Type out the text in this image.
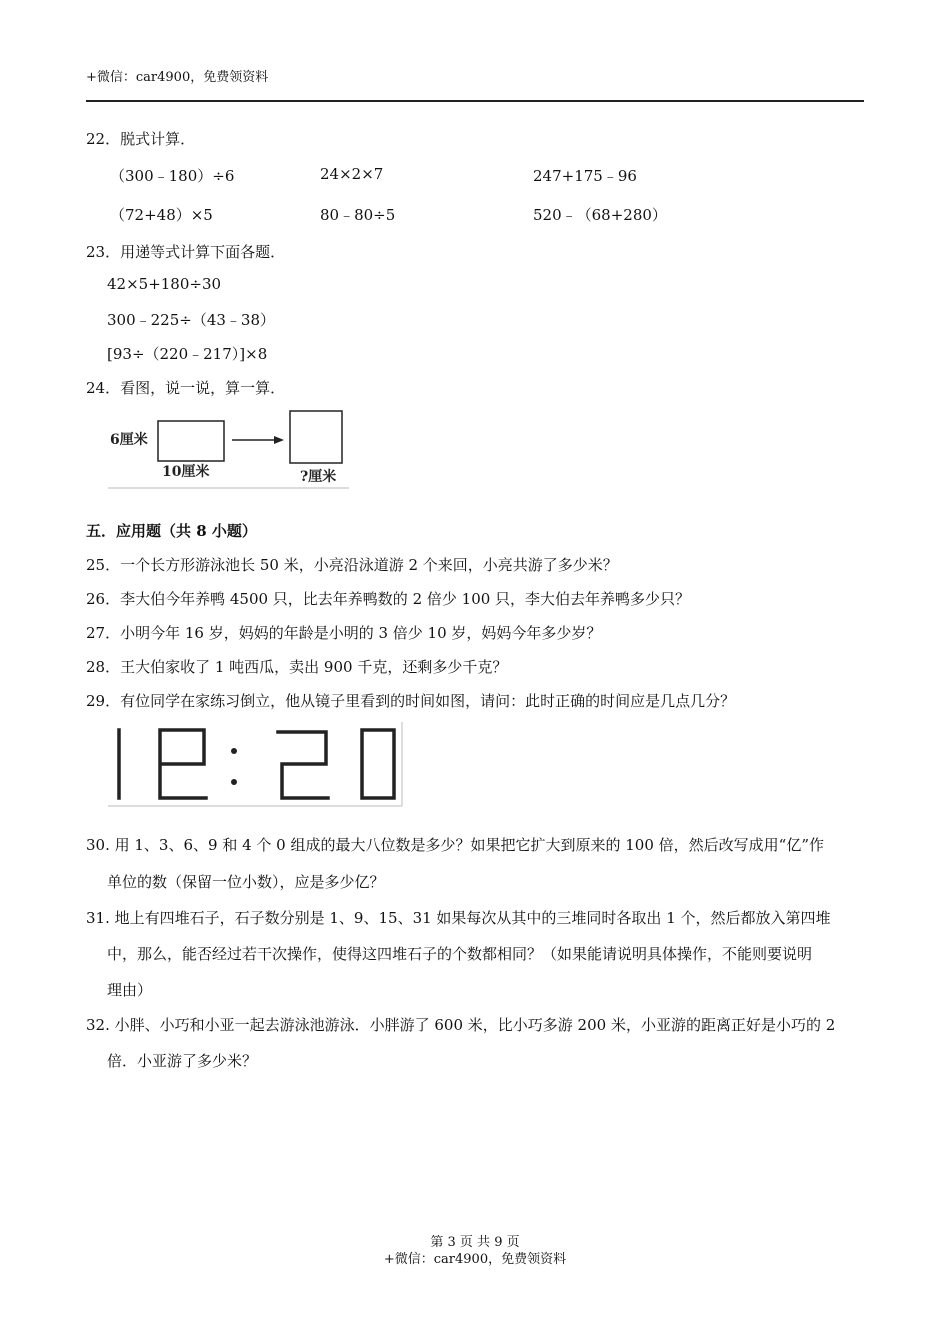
+微信：car4900，免费领资料
22．脱式计算．
（300﹣180）÷6	24×2×7	247+175﹣96
（72+48）×5	80﹣80÷5	520﹣（68+280）
23．用递等式计算下面各题．
42×5+180÷30
300﹣225÷（43﹣38）
[93÷（220﹣217）]×8
24．看图，说一说，算一算．
6厘米
10厘米	?厘米
五．应用题（共 8 小题）
25．一个长方形游泳池长 50 米，小亮沿泳道游 2 个来回，小亮共游了多少米？
26．李大伯今年养鸭 4500 只，比去年养鸭数的 2 倍少 100 只，李大伯去年养鸭多少只？
27．小明今年 16 岁，妈妈的年龄是小明的 3 倍少 10 岁，妈妈今年多少岁？
28．王大伯家收了 1 吨西瓜，卖出 900 千克，还剩多少千克？
29．有位同学在家练习倒立，他从镜子里看到的时间如图，请问：此时正确的时间应是几点几分？
30. 用 1、3、6、9 和 4 个 0 组成的最大八位数是多少？如果把它扩大到原来的 100 倍，然后改写成用“亿”作
单位的数（保留一位小数），应是多少亿？
31. 地上有四堆石子，石子数分别是 1、9、15、31 如果每次从其中的三堆同时各取出 1 个，然后都放入第四堆
中，那么，能否经过若干次操作，使得这四堆石子的个数都相同？（如果能请说明具体操作，不能则要说明
理由）
32. 小胖、小巧和小亚一起去游泳池游泳．小胖游了 600 米，比小巧多游 200 米，小亚游的距离正好是小巧的 2
倍．小亚游了多少米？
第 3 页 共 9 页
+微信：car4900，免费领资料
